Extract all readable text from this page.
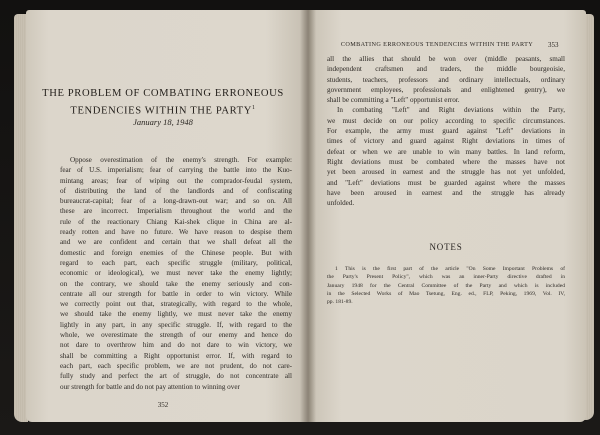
THE PROBLEM OF COMBATING ERRONEOUS
TENDENCIES WITHIN THE PARTY$^1$
January 18, 1948
Oppose overestimation of the enemy's strength. For example:
fear of U.S. imperialism; fear of carrying the battle into the Kuo-
mintang areas; fear of wiping out the comprador-feudal system,
of distributing the land of the landlords and of confiscating
bureaucrat-capital; fear of a long-drawn-out war; and so on. All
these are incorrect. Imperialism throughout the world and the
rule of the reactionary Chiang Kai-shek clique in China are al-
ready rotten and have no future. We have reason to despise them
and we are confident and certain that we shall defeat all the
domestic and foreign enemies of the Chinese people. But with
regard to each part, each specific struggle (military, political,
economic or ideological), we must never take the enemy lightly;
on the contrary, we should take the enemy seriously and con-
centrate all our strength for battle in order to win victory. While
we correctly point out that, strategically, with regard to the whole,
we should take the enemy lightly, we must never take the enemy
lightly in any part, in any specific struggle. If, with regard to the
whole, we overestimate the strength of our enemy and hence do
not dare to overthrow him and do not dare to win victory, we
shall be committing a Right opportunist error. If, with regard to
each part, each specific problem, we are not prudent, do not care-
fully study and perfect the art of struggle, do not concentrate all
our strength for battle and do not pay attention to winning over
352
COMBATING ERRONEOUS TENDENCIES WITHIN THE PARTY	353
all the allies that should be won over (middle peasants, small
independent craftsmen and traders, the middle bourgeoisie,
students, teachers, professors and ordinary intellectuals, ordinary
government employees, professionals and enlightened gentry), we
shall be committing a "Left" opportunist error.
In combating "Left" and Right deviations within the Party,
we must decide on our policy according to specific circumstances.
For example, the army must guard against "Left" deviations in
times of victory and guard against Right deviations in times of
defeat or when we are unable to win many battles. In land reform,
Right deviations must be combated where the masses have not
yet been aroused in earnest and the struggle has not yet unfolded,
and "Left" deviations must be guarded against where the masses
have been aroused in earnest and the struggle has already
unfolded.
NOTES
1 This is the first part of the article "On Some Important Problems of
the Party's Present Policy", which was an inner-Party directive drafted in
January 1948 for the Central Committee of the Party and which is included
in the Selected Works of Mao Tsetung, Eng. ed., FLP, Peking, 1969, Vol. IV,
pp. 181-89.
